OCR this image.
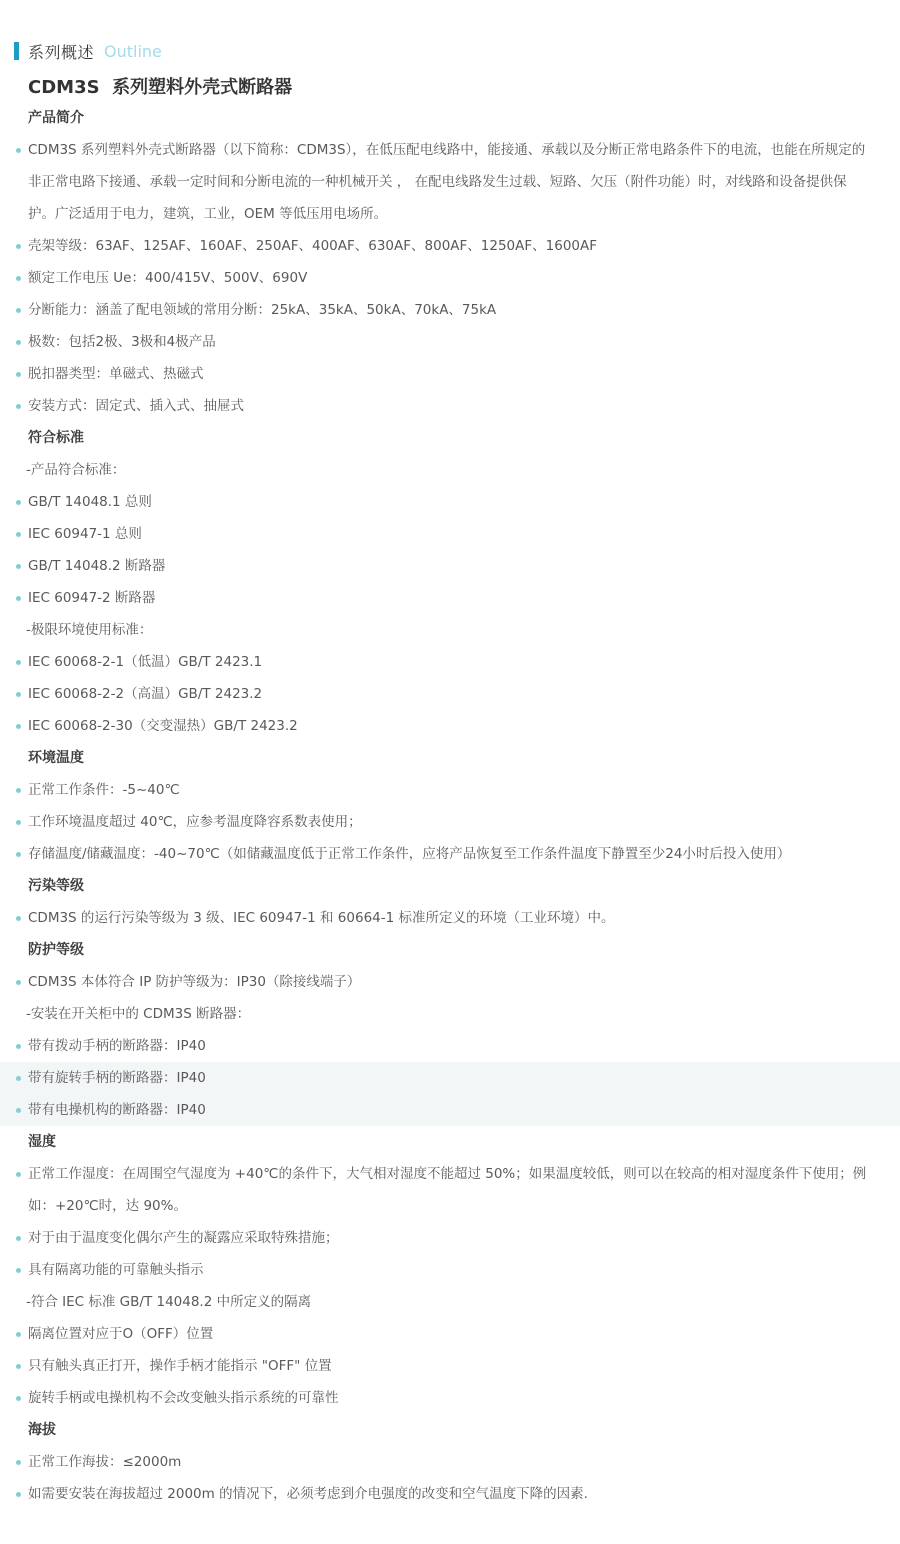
系列概述 Outline
CDM3S  系列塑料外壳式断路器
产品简介
CDM3S 系列塑料外壳式断路器（以下简称：CDM3S），在低压配电线路中，能接通、承载以及分断正常电路条件下的电流，也能在所规定的非正常电路下接通、承载一定时间和分断电流的一种机械开关 ， 在配电线路发生过载、短路、欠压（附件功能）时，对线路和设备提供保护。广泛适用于电力，建筑，工业，OEM 等低压用电场所。
壳架等级：63AF、125AF、160AF、250AF、400AF、630AF、800AF、1250AF、1600AF
额定工作电压 Ue：400/415V、500V、690V
分断能力：涵盖了配电领域的常用分断：25kA、35kA、50kA、70kA、75kA
极数：包括2极、3极和4极产品
脱扣器类型：单磁式、热磁式
安装方式：固定式、插入式、抽屉式
符合标准
-产品符合标准：
GB/T 14048.1 总则
IEC 60947-1 总则
GB/T 14048.2 断路器
IEC 60947-2 断路器
-极限环境使用标准：
IEC 60068-2-1（低温）GB/T 2423.1
IEC 60068-2-2（高温）GB/T 2423.2
IEC 60068-2-30（交变湿热）GB/T 2423.2
环境温度
正常工作条件：-5~40℃
工作环境温度超过 40℃，应参考温度降容系数表使用；
存储温度/储藏温度：-40~70℃（如储藏温度低于正常工作条件，应将产品恢复至工作条件温度下静置至少24小时后投入使用）
污染等级
CDM3S 的运行污染等级为 3 级、IEC 60947-1 和 60664-1 标准所定义的环境（工业环境）中。
防护等级
CDM3S 本体符合 IP 防护等级为：IP30（除接线端子）
-安装在开关柜中的 CDM3S 断路器：
带有拨动手柄的断路器：IP40
带有旋转手柄的断路器：IP40
带有电操机构的断路器：IP40
湿度
正常工作湿度：在周围空气湿度为 +40℃的条件下，大气相对湿度不能超过 50%；如果温度较低，则可以在较高的相对湿度条件下使用；例如：+20℃时，达 90%。
对于由于温度变化偶尔产生的凝露应采取特殊措施；
具有隔离功能的可靠触头指示
-符合 IEC 标准 GB/T 14048.2 中所定义的隔离
隔离位置对应于O（OFF）位置
只有触头真正打开，操作手柄才能指示 "OFF" 位置
旋转手柄或电操机构不会改变触头指示系统的可靠性
海拔
正常工作海拔：≤2000m
如需要安装在海拔超过 2000m 的情况下，必须考虑到介电强度的改变和空气温度下降的因素.
